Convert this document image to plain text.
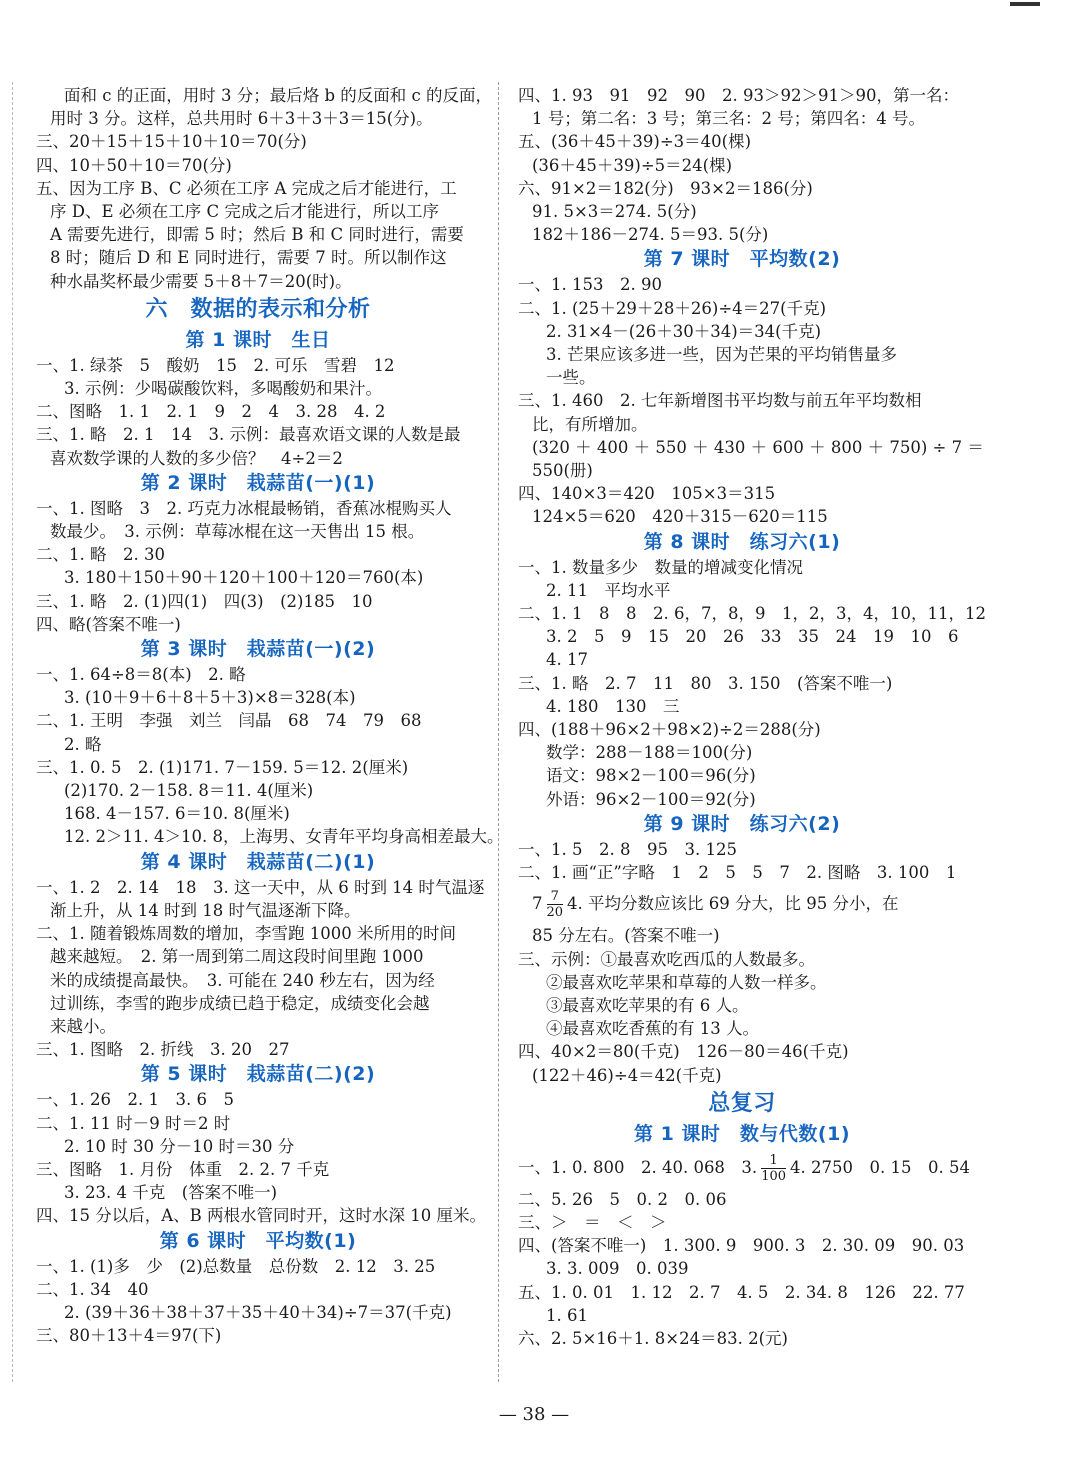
面和 c 的正面，用时 3 分；最后烙 b 的反面和 c 的反面，
用时 3 分。这样，总共用时 6＋3＋3＋3＝15(分)。
三、20＋15＋15＋10＋10＝70(分)
四、10＋50＋10＝70(分)
五、因为工序 B、C 必须在工序 A 完成之后才能进行，工
序 D、E 必须在工序 C 完成之后才能进行，所以工序
A 需要先进行，即需 5 时；然后 B 和 C 同时进行，需要
8 时；随后 D 和 E 同时进行，需要 7 时。所以制作这
种水晶奖杯最少需要 5＋8＋7＝20(时)。
六　数据的表示和分析
第 1 课时　生日
一、1. 绿茶　5　酸奶　15　2. 可乐　雪碧　12
3. 示例：少喝碳酸饮料，多喝酸奶和果汁。
二、图略　1. 1　2. 1　9　2　4　3. 28　4. 2
三、1. 略　2. 1　14　3. 示例：最喜欢语文课的人数是最
喜欢数学课的人数的多少倍？　4÷2＝2
第 2 课时　栽蒜苗(一)(1)
一、1. 图略　3　2. 巧克力冰棍最畅销，香蕉冰棍购买人
数最少。　3. 示例：草莓冰棍在这一天售出 15 根。
二、1. 略　2. 30
3. 180＋150＋90＋120＋100＋120＝760(本)
三、1. 略　2. (1)四(1)　四(3)　(2)185　10
四、略(答案不唯一)
第 3 课时　栽蒜苗(一)(2)
一、1. 64÷8＝8(本)　2. 略
3. (10＋9＋6＋8＋5＋3)×8＝328(本)
二、1. 王明　李强　刘兰　闫晶　68　74　79　68
2. 略
三、1. 0. 5　2. (1)171. 7－159. 5＝12. 2(厘米)
(2)170. 2－158. 8＝11. 4(厘米)
168. 4－157. 6＝10. 8(厘米)
12. 2＞11. 4＞10. 8，上海男、女青年平均身高相差最大。
第 4 课时　栽蒜苗(二)(1)
一、1. 2　2. 14　18　3. 这一天中，从 6 时到 14 时气温逐
渐上升，从 14 时到 18 时气温逐渐下降。
二、1. 随着锻炼周数的增加，李雪跑 1000 米所用的时间
越来越短。　2. 第一周到第二周这段时间里跑 1000
米的成绩提高最快。　3. 可能在 240 秒左右，因为经
过训练，李雪的跑步成绩已趋于稳定，成绩变化会越
来越小。
三、1. 图略　2. 折线　3. 20　27
第 5 课时　栽蒜苗(二)(2)
一、1. 26　2. 1　3. 6　5
二、1. 11 时－9 时＝2 时
2. 10 时 30 分－10 时＝30 分
三、图略　1. 月份　体重　2. 2. 7 千克
3. 23. 4 千克　(答案不唯一)
四、15 分以后，A、B 两根水管同时开，这时水深 10 厘米。
第 6 课时　平均数(1)
一、1. (1)多　少　(2)总数量　总份数　2. 12　3. 25
二、1. 34　40
2. (39＋36＋38＋37＋35＋40＋34)÷7＝37(千克)
三、80＋13＋4＝97(下)
四、1. 93　91　92　90　2. 93＞92＞91＞90，第一名：
1 号；第二名：3 号；第三名：2 号；第四名：4 号。
五、(36＋45＋39)÷3＝40(棵)
(36＋45＋39)÷5＝24(棵)
六、91×2＝182(分)　93×2＝186(分)
91. 5×3＝274. 5(分)
182＋186－274. 5＝93. 5(分)
第 7 课时　平均数(2)
一、1. 153　2. 90
二、1. (25＋29＋28＋26)÷4＝27(千克)
2. 31×4－(26＋30＋34)＝34(千克)
3. 芒果应该多进一些，因为芒果的平均销售量多
一些。
三、1. 460　2. 七年新增图书平均数与前五年平均数相
比，有所增加。
(320 ＋ 400 ＋ 550 ＋ 430 ＋ 600 ＋ 800 ＋ 750) ÷ 7 ＝
550(册)
四、140×3＝420　105×3＝315
124×5＝620　420＋315－620＝115
第 8 课时　练习六(1)
一、1. 数量多少　数量的增减变化情况
2. 11　平均水平
二、1. 1　8　8　2. 6，7，8，9　1，2，3，4，10，11，12
3. 2　5　9　15　20　26　33　35　24　19　10　6
4. 17
三、1. 略　2. 7　11　80　3. 150　(答案不唯一)
4. 180　130　三
四、(188＋96×2＋98×2)÷2＝288(分)
数学：288－188＝100(分)
语文：98×2－100＝96(分)
外语：96×2－100＝92(分)
第 9 课时　练习六(2)
一、1. 5　2. 8　95　3. 125
二、1. 画“正”字略　1　2　5　5　7　2. 图略　3. 100　1
$7 \frac{7}{20} 4$. 平均分数应该比 69 分大，比 95 分小，在
85 分左右。(答案不唯一)
三、示例：①最喜欢吃西瓜的人数最多。
②最喜欢吃苹果和草莓的人数一样多。
③最喜欢吃苹果的有 6 人。
④最喜欢吃香蕉的有 13 人。
四、40×2＝80(千克)　126－80＝46(千克)
(122＋46)÷4＝42(千克)
总复习
第 1 课时　数与代数(1)
一、1. 0. 800　2. 40. 068　3. $\frac{1}{100} 4$. 2750　0. 15　0. 54
二、5. 26　5　0. 2　0. 06
三、＞　＝　＜　＞
四、(答案不唯一)　1. 300. 9　900. 3　2. 30. 09　90. 03
3. 3. 009　0. 039
五、1. 0. 01　1. 12　2. 7　4. 5　2. 34. 8　126　22. 77
1. 61
六、2. 5×16＋1. 8×24＝83. 2(元)
— 38 —
